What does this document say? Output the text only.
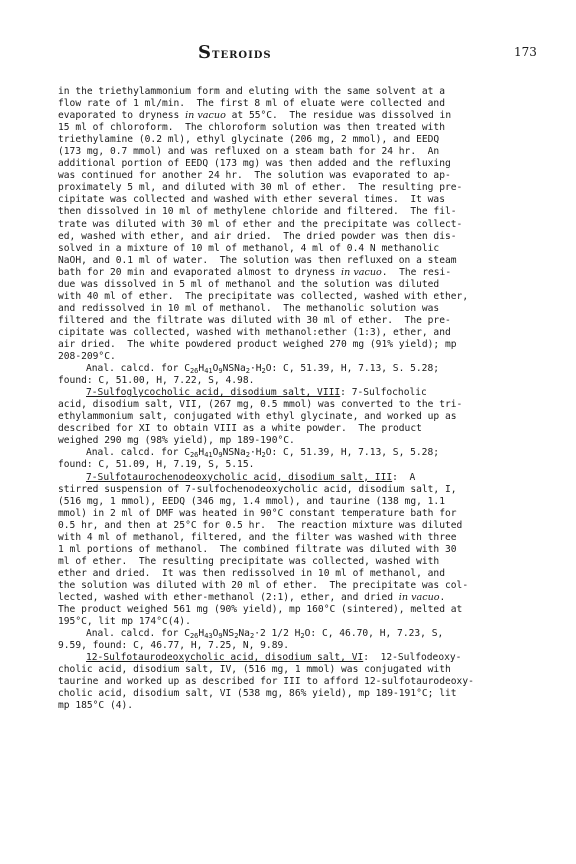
STEROIDS	173
in the triethylammonium form and eluting with the same solvent at a
flow rate of 1 ml/min.  The first 8 ml of eluate were collected and
evaporated to dryness in vacuo at 55°C.  The residue was dissolved in
15 ml of chloroform.  The chloroform solution was then treated with
triethylamine (0.2 ml), ethyl glycinate (206 mg, 2 mmol), and EEDQ
(173 mg, 0.7 mmol) and was refluxed on a steam bath for 24 hr.  An
additional portion of EEDQ (173 mg) was then added and the refluxing
was continued for another 24 hr.  The solution was evaporated to ap-
proximately 5 ml, and diluted with 30 ml of ether.  The resulting pre-
cipitate was collected and washed with ether several times.  It was
then dissolved in 10 ml of methylene chloride and filtered.  The fil-
trate was diluted with 30 ml of ether and the precipitate was collect-
ed, washed with ether, and air dried.  The dried powder was then dis-
solved in a mixture of 10 ml of methanol, 4 ml of 0.4 N methanolic
NaOH, and 0.1 ml of water.  The solution was then refluxed on a steam
bath for 20 min and evaporated almost to dryness in vacuo.  The resi-
due was dissolved in 5 ml of methanol and the solution was diluted
with 40 ml of ether.  The precipitate was collected, washed with ether,
and redissolved in 10 ml of methanol.  The methanolic solution was
filtered and the filtrate was diluted with 30 ml of ether.  The pre-
cipitate was collected, washed with methanol:ether (1:3), ether, and
air dried.  The white powdered product weighed 270 mg (91% yield); mp
208-209°C.
Anal. calcd. for $C_{26}H_{41}O_9NSNa_2\cdot H_2O$: C, 51.39, H, 7.13, S. 5.28;
found: C, 51.00, H, 7.22, S, 4.98.
7-Sulfoglycocholic acid, disodium salt, VIII: 7-Sulfocholic
acid, disodium salt, VII, (267 mg, 0.5 mmol) was converted to the tri-
ethylammonium salt, conjugated with ethyl glycinate, and worked up as
described for XI to obtain VIII as a white powder.  The product
weighed 290 mg (98% yield), mp 189-190°C.
Anal. calcd. for $C_{26}H_{41}O_9NSNa_2\cdot H_2O$: C, 51.39, H, 7.13, S, 5.28;
found: C, 51.09, H, 7.19, S, 5.15.
7-Sulfotaurochenodeoxycholic acid, disodium salt, III:  A
stirred suspension of 7-sulfochenodeoxycholic acid, disodium salt, I,
(516 mg, 1 mmol), EEDQ (346 mg, 1.4 mmol), and taurine (138 mg, 1.1
mmol) in 2 ml of DMF was heated in 90°C constant temperature bath for
0.5 hr, and then at 25°C for 0.5 hr.  The reaction mixture was diluted
with 4 ml of methanol, filtered, and the filter was washed with three
1 ml portions of methanol.  The combined filtrate was diluted with 30
ml of ether.  The resulting precipitate was collected, washed with
ether and dried.  It was then redissolved in 10 ml of methanol, and
the solution was diluted with 20 ml of ether.  The precipitate was col-
lected, washed with ether-methanol (2:1), ether, and dried in vacuo.
The product weighed 561 mg (90% yield), mp 160°C (sintered), melted at
195°C, lit mp 174°C(4).
Anal. calcd. for $C_{26}H_{43}O_9NS_2Na_2\cdot 2$ 1/2 $H_2O$: C, 46.70, H, 7.23, S,
9.59, found: C, 46.77, H, 7.25, N, 9.89.
12-Sulfotaurodeoxycholic acid, disodium salt, VI:  12-Sulfodeoxy-
cholic acid, disodium salt, IV, (516 mg, 1 mmol) was conjugated with
taurine and worked up as described for III to afford 12-sulfotaurodeoxy-
cholic acid, disodium salt, VI (538 mg, 86% yield), mp 189-191°C; lit
mp 185°C (4).
